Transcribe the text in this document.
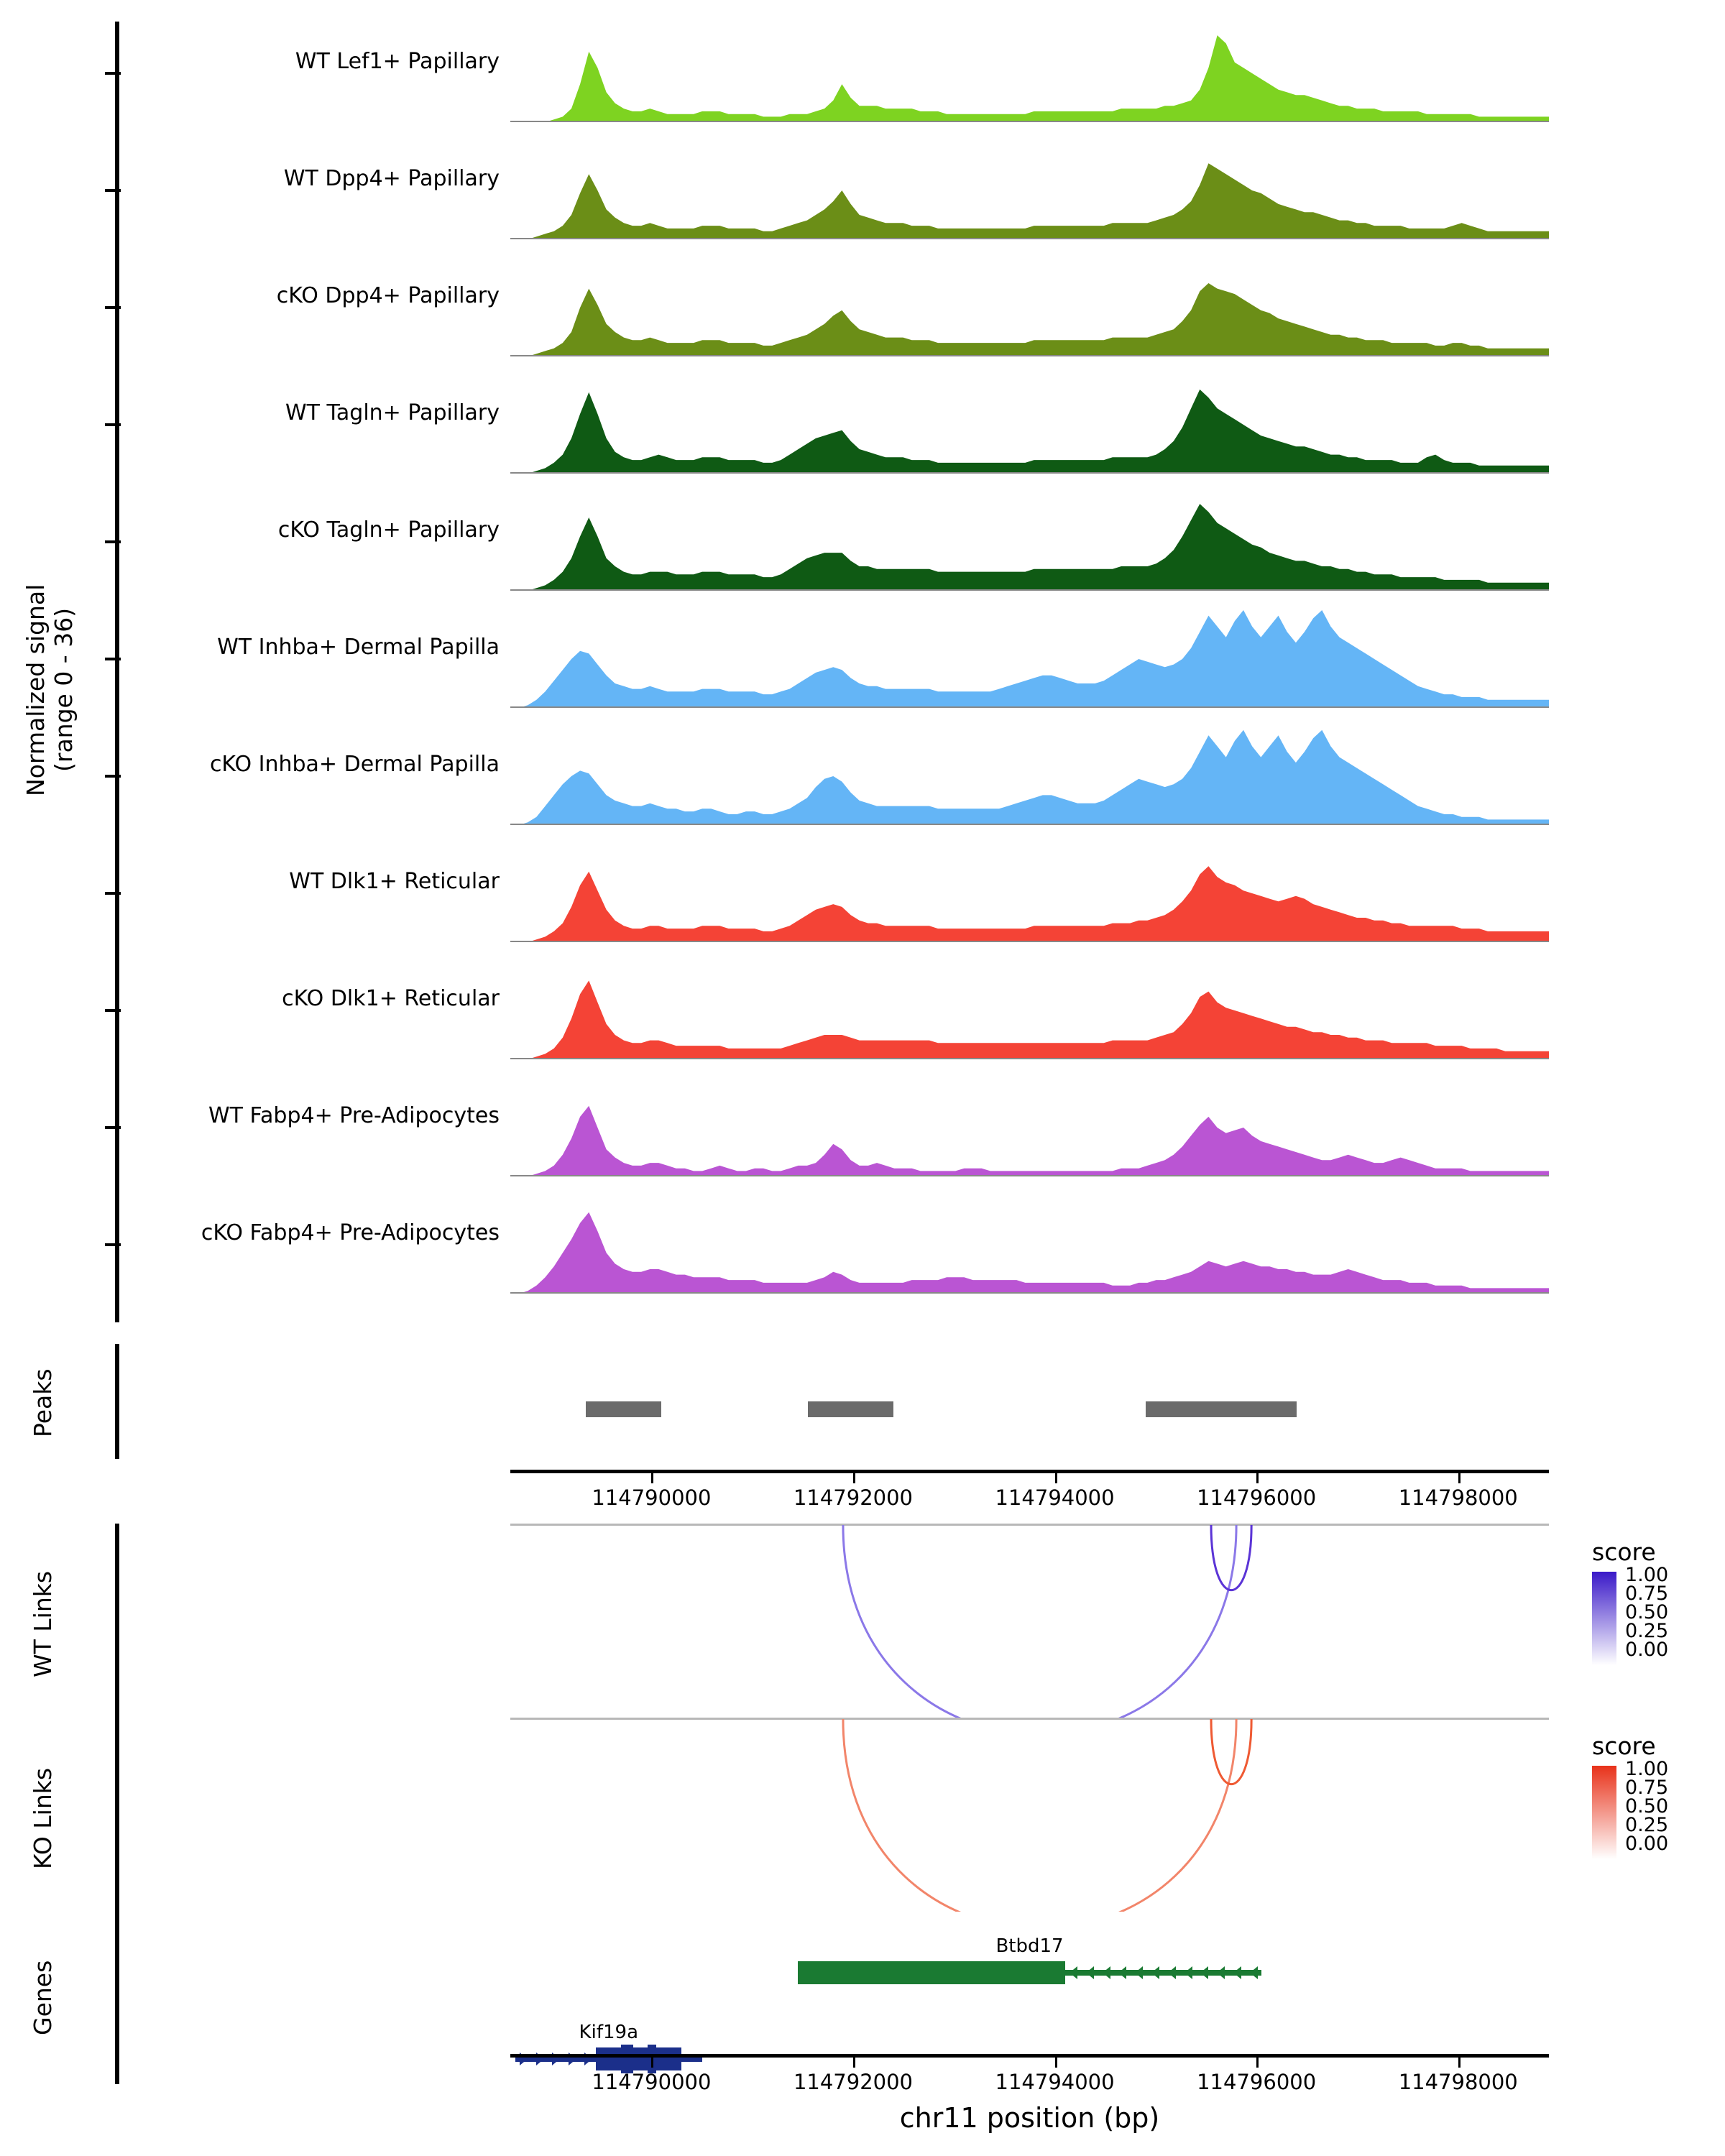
Normalized signal
(range 0 - 36)
WT Lef1+ Papillary
WT Dpp4+ Papillary
cKO Dpp4+ Papillary
WT Tagln+ Papillary
cKO Tagln+ Papillary
WT Inhba+ Dermal Papilla
cKO Inhba+ Dermal Papilla
WT Dlk1+ Reticular
cKO Dlk1+ Reticular
WT Fabp4+ Pre-Adipocytes
cKO Fabp4+ Pre-Adipocytes
Peaks
114790000	114792000	114794000	114796000	114798000
WT Links
score
1.00
0.75
0.50
0.25
0.00
KO Links
score
1.00
0.75
0.50
0.25
0.00
Genes
Btbd17
Kif19a
114790000	114792000	114794000	114796000	114798000
chr11 position (bp)
